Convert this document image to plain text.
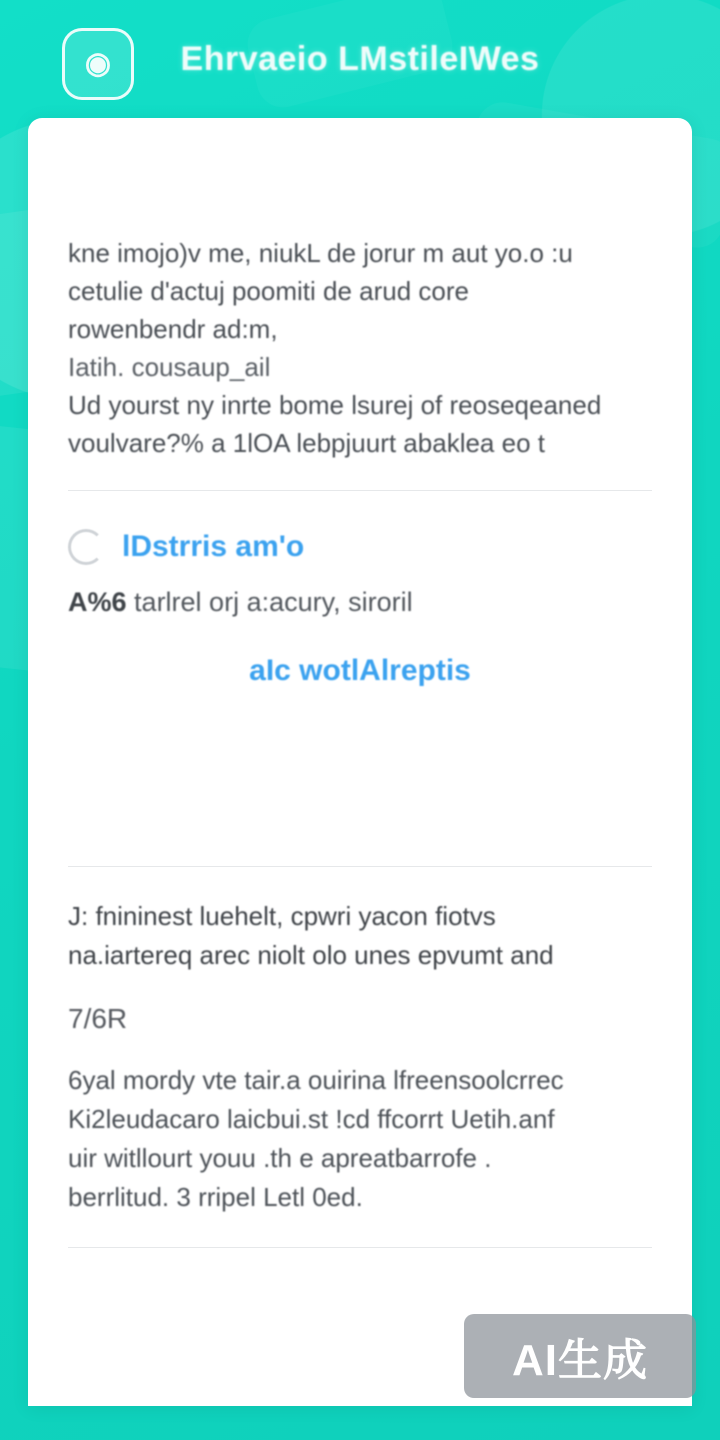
◉	Ehrvaeio LMstileIWes

kne imojo)v me, niukL de jorur m aut yo.o :u

cetulie d'actuj poomiti de arud core

rowenbendr ad:m,

Iatih. cousaup_ail

Ud yourst ny inrte bome lsurej of reoseqeaned

voulvare?% a 1lOA lebpjuurt abaklea eo t

lDstrris am'o
A%6 tarlrel orj a:acury, siroril
aIc wotlAlreptis

J: fnininest luehelt, cpwri yacon fiotvs

na.iartereq arec niolt olo unes epvumt and

7/6R

6yal mordy vte tair.a ouirina lfreensoolcrrec

Ki2leudacaro laicbui.st !cd ffcorrt Uetih.anf

uir witllourt youu .th e apreatbarrofe .

berrlitud. 3 rripel Letl 0ed.

AI生成
